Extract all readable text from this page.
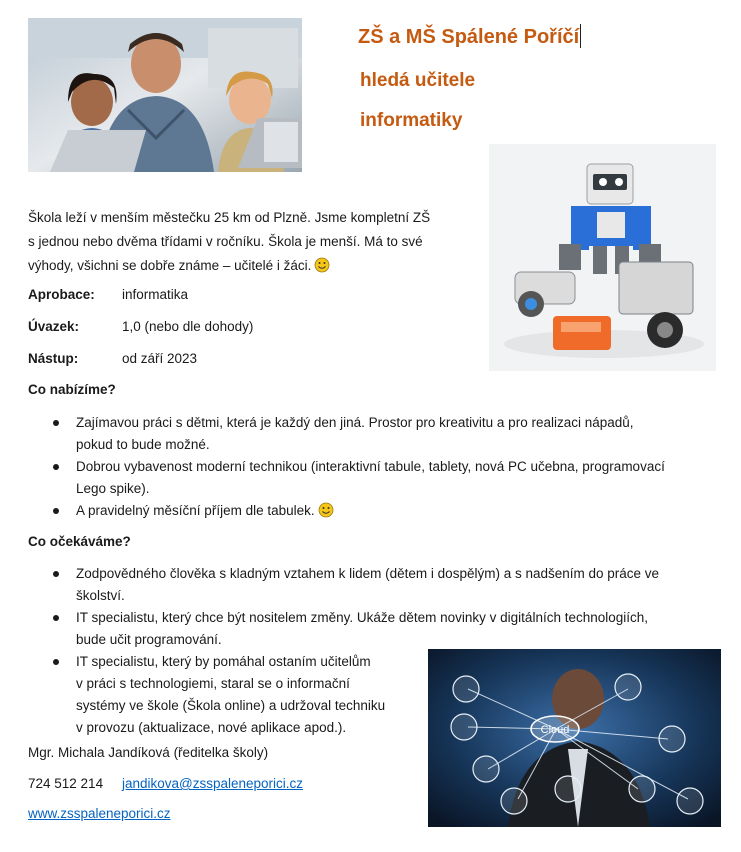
ZŠ a MŠ Spálené Poříčí
hledá učitele
informatiky
Škola leží v menším městečku 25 km od Plzně. Jsme kompletní ZŠ
s jednou nebo dvěma třídami v ročníku. Škola je menší. Má to své
výhody, všichni se dobře známe – učitelé i žáci.
Aprobace: informatika
Úvazek:	1,0 (nebo dle dohody)
Nástup:	od září 2023
Co nabízíme?
Zajímavou práci s dětmi, která je každý den jiná. Prostor pro kreativitu a pro realizaci nápadů,
pokud to bude možné.
Dobrou vybavenost moderní technikou (interaktivní tabule, tablety, nová PC učebna, programovací
Lego spike).
A pravidelný měsíční příjem dle tabulek.
Co očekáváme?
Zodpovědného člověka s kladným vztahem k lidem (dětem i dospělým) a s nadšením do práce ve
školství.
IT specialistu, který chce být nositelem změny. Ukáže dětem novinky v digitálních technologiích,
bude učit programování.
IT specialistu, který by pomáhal ostaním učitelům
v práci s technologiemi, staral se o informační
systémy ve škole (Škola online) a udržoval techniku
v provozu (aktualizace, nové aplikace apod.).	Cloud
Mgr. Michala Jandíková (ředitelka školy)
724 512 214 jandikova@zsspaleneporici.cz
www.zsspaleneporici.cz
